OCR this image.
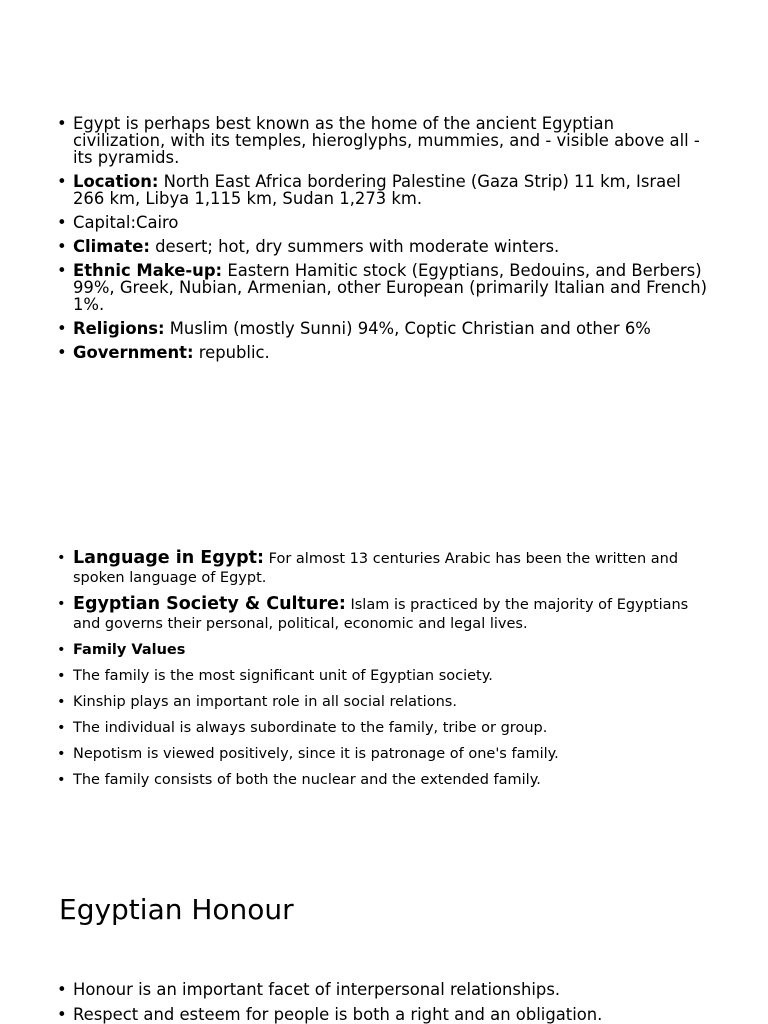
• Egypt is perhaps best known as the home of the ancient Egyptian civilization, with its temples, hieroglyphs, mummies, and - visible above all - its pyramids.
• Location: North East Africa bordering Palestine (Gaza Strip) 11 km, Israel 266 km, Libya 1,115 km, Sudan 1,273 km.
• Capital:Cairo
• Climate: desert; hot, dry summers with moderate winters.
• Ethnic Make-up: Eastern Hamitic stock (Egyptians, Bedouins, and Berbers) 99%, Greek, Nubian, Armenian, other European (primarily Italian and French) 1%.
• Religions: Muslim (mostly Sunni) 94%, Coptic Christian and other 6%
• Government: republic.
• Language in Egypt: For almost 13 centuries Arabic has been the written and spoken language of Egypt.
• Egyptian Society & Culture: Islam is practiced by the majority of Egyptians and governs their personal, political, economic and legal lives.
• Family Values
• The family is the most significant unit of Egyptian society.
• Kinship plays an important role in all social relations.
• The individual is always subordinate to the family, tribe or group.
• Nepotism is viewed positively, since it is patronage of one's family.
• The family consists of both the nuclear and the extended family.
Egyptian Honour
• Honour is an important facet of interpersonal relationships.
• Respect and esteem for people is both a right and an obligation.
